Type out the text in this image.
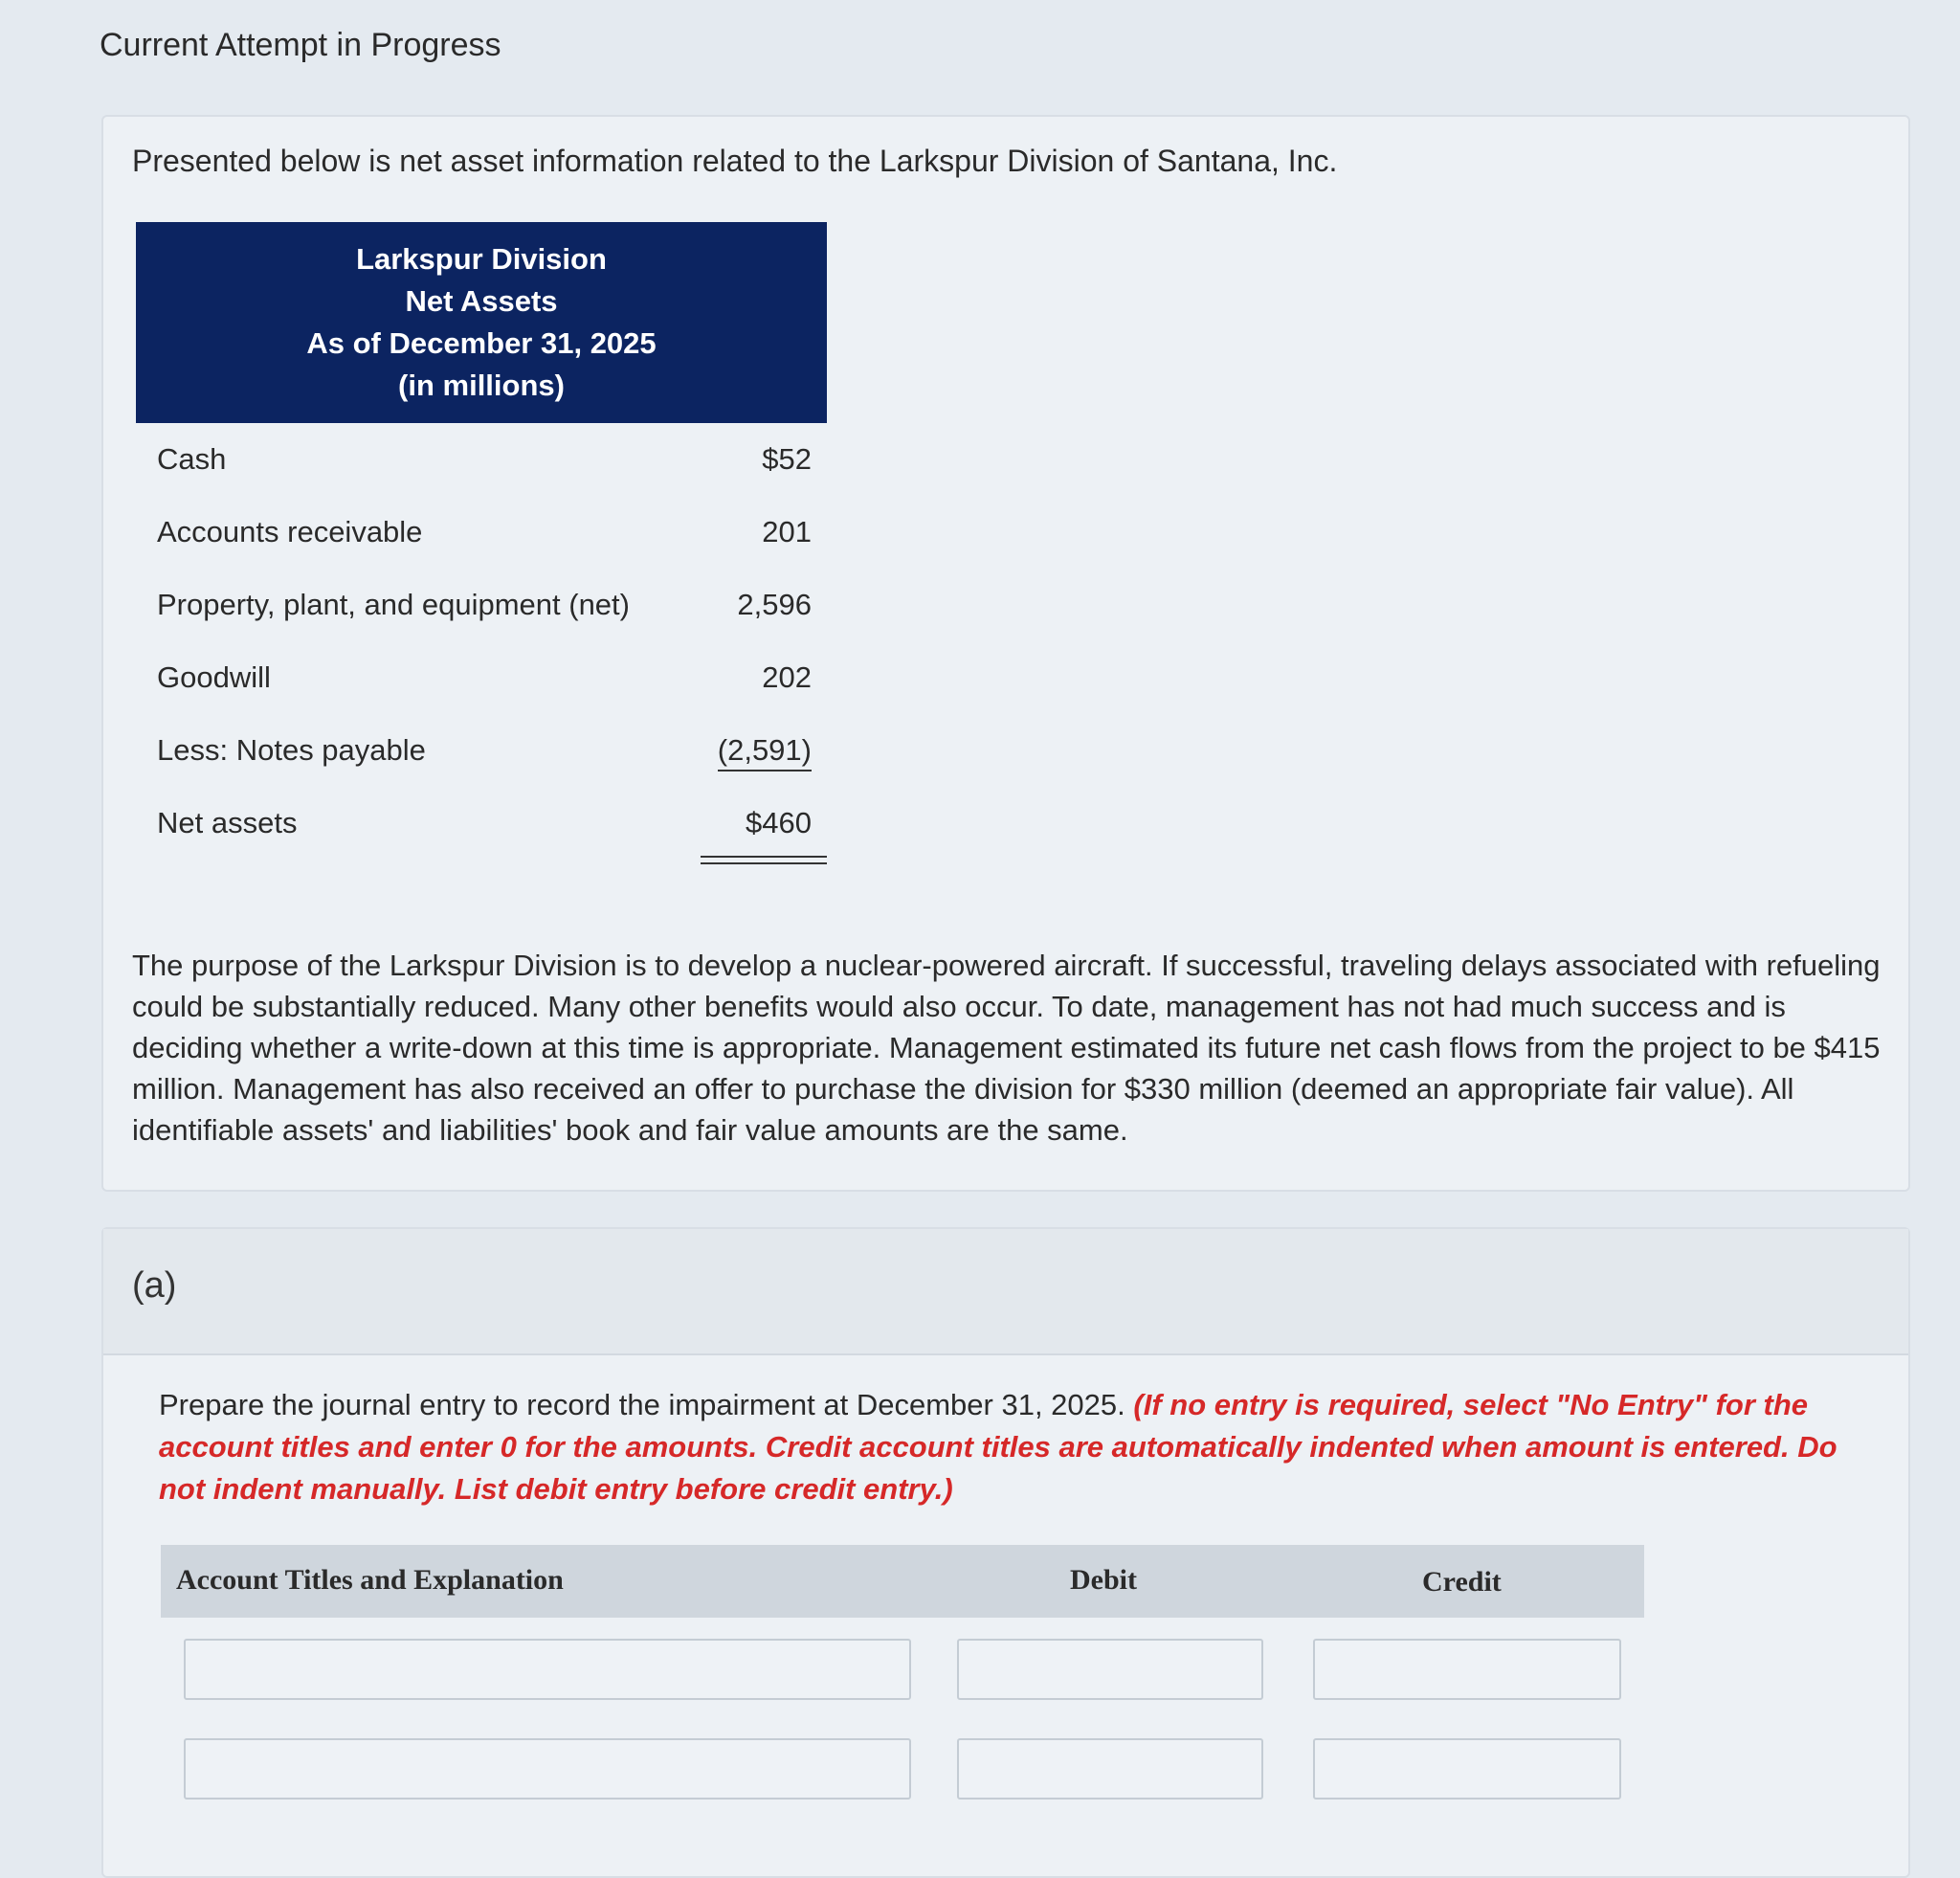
Current Attempt in Progress
Presented below is net asset information related to the Larkspur Division of Santana, Inc.
Larkspur Division
Net Assets
As of December 31, 2025
(in millions)
Cash	$52
Accounts receivable	201
Property, plant, and equipment (net)	2,596
Goodwill	202
Less: Notes payable	(2,591)
Net assets	$460
The purpose of the Larkspur Division is to develop a nuclear-powered aircraft. If successful, traveling delays associated with refueling could be substantially reduced. Many other benefits would also occur. To date, management has not had much success and is deciding whether a write-down at this time is appropriate. Management estimated its future net cash flows from the project to be $415 million. Management has also received an offer to purchase the division for $330 million (deemed an appropriate fair value). All identifiable assets' and liabilities' book and fair value amounts are the same.
(a)
Prepare the journal entry to record the impairment at December 31, 2025. (If no entry is required, select "No Entry" for the account titles and enter 0 for the amounts. Credit account titles are automatically indented when amount is entered. Do not indent manually. List debit entry before credit entry.)
Account Titles and Explanation	Debit	Credit
